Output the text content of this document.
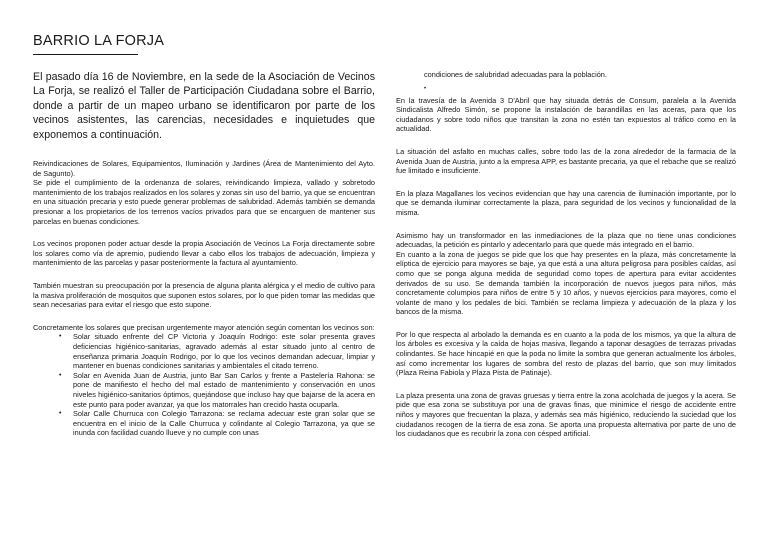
BARRIO LA FORJA

El pasado día 16 de Noviembre, en la sede de la Asociación de Vecinos La Forja, se realizó el Taller de Participación Ciudadana sobre el Barrio, donde a partir de un mapeo urbano se identificaron por parte de los vecinos asistentes, las carencias, necesidades e inquietudes que exponemos a continuación.

Reivindicaciones de Solares, Equipamientos, Iluminación y Jardines (Área de Mantenimiento del Ayto. de Sagunto).
Se pide el cumplimiento de la ordenanza de solares, reivindicando limpieza, vallado y sobretodo mantenimiento de los trabajos realizados en los solares y zonas sin uso del barrio, ya que se encuentran en una situación precaria y esto puede generar problemas de salubridad. Además también se demanda presionar a los propietarios de los terrenos vacíos privados para que se encarguen de mantener sus parcelas en buenas condiciones.

Los vecinos proponen poder actuar desde la propia Asociación de Vecinos La Forja directamente sobre los solares como vía de apremio, pudiendo llevar a cabo ellos los trabajos de adecuación, limpieza y mantenimiento de las parcelas y pasar posteriormente la factura al ayuntamiento.

También muestran su preocupación por la presencia de alguna planta alérgica y el medio de cultivo para la masiva proliferación de mosquitos que suponen estos solares, por lo que piden tomar las medidas que sean necesarias para evitar el riesgo que esto supone.

Concretamente los solares que precisan urgentemente mayor atención según comentan los vecinos son:

• Solar situado enfrente del CP Victoria y Joaquín Rodrigo: este solar presenta graves deficiencias higiénico-sanitarias, agravado además al estar situado junto al centro de enseñanza primaria Joaquín Rodrigo, por lo que los vecinos demandan adecuar, limpiar y mantener en buenas condiciones sanitarias y ambientales el citado terreno.
• Solar en Avenida Juan de Austria, junto Bar San Carlos y frente a Pastelería Rahona: se pone de manifiesto el hecho del mal estado de mantenimiento y conservación en unos niveles higiénico-sanitarios óptimos, quejándose que incluso hay que bajarse de la acera en este punto para poder avanzar, ya que los matorrales han crecido hasta ocuparla.
• Solar Calle Churruca con Colegio Tarrazona: se reclama adecuar este gran solar que se encuentra en el inicio de la Calle Churruca y colindante al Colegio Tarrazona, ya que se inunda con facilidad cuando llueve y no cumple con unas
condiciones de salubridad adecuadas para la población.
•

En la travesía de la Avenida 3 D'Abril que hay situada detrás de Consum, paralela a la Avenida Sindicalista Alfredo Simón, se propone la instalación de barandillas en las aceras, para que los ciudadanos y sobre todo niños que transitan la zona no estén tan expuestos al tráfico como en la actualidad.

La situación del asfalto en muchas calles, sobre todo las de la zona alrededor de la farmacia de la Avenida Juan de Austria, junto a la empresa APP, es bastante precaria, ya que el rebache que se realizó fue limitado e insuficiente.

En la plaza Magallanes los vecinos evidencian que hay una carencia de iluminación importante, por lo que se demanda iluminar correctamente la plaza, para seguridad de los vecinos y funcionalidad de la misma.

Asimismo hay un transformador en las inmediaciones de la plaza que no tiene unas condiciones adecuadas, la petición es pintarlo y adecentarlo para que quede más integrado en el barrio.
En cuanto a la zona de juegos se pide que los que hay presentes en la plaza, más concretamente la elíptica de ejercicio para mayores se baje, ya que está a una altura peligrosa para posibles caídas, así como que se ponga alguna medida de seguridad como topes de apertura para evitar accidentes derivados de su uso. Se demanda también la incorporación de nuevos juegos para niños, más concretamente columpios para niños de entre 5 y 10 años, y nuevos ejercicios para mayores, como el volante de mano y los pedales de bici. También se reclama limpieza y adecuación de la plaza y los bancos de la misma.

Por lo que respecta al arbolado la demanda es en cuanto a la poda de los mismos, ya que la altura de los árboles es excesiva y la caída de hojas masiva, llegando a taponar desagües de terrazas privadas colindantes. Se hace hincapié en que la poda no limite la sombra que generan actualmente los árboles, así como incrementar los lugares de sombra del resto de plazas del barrio, que son muy limitados (Plaza Reina Fabiola y Plaza Pista de Patinaje).

La plaza presenta una zona de gravas gruesas y tierra entre la zona acolchada de juegos y la acera. Se pide que esa zona se substituya por una de gravas finas, que minimice el riesgo de accidente entre niños y mayores que frecuentan la plaza, y además sea más higiénico, reduciendo la suciedad que los ciudadanos recogen de la tierra de esa zona. Se aporta una propuesta alternativa por parte de uno de los ciudadanos que es recubrir la zona con césped artificial.
